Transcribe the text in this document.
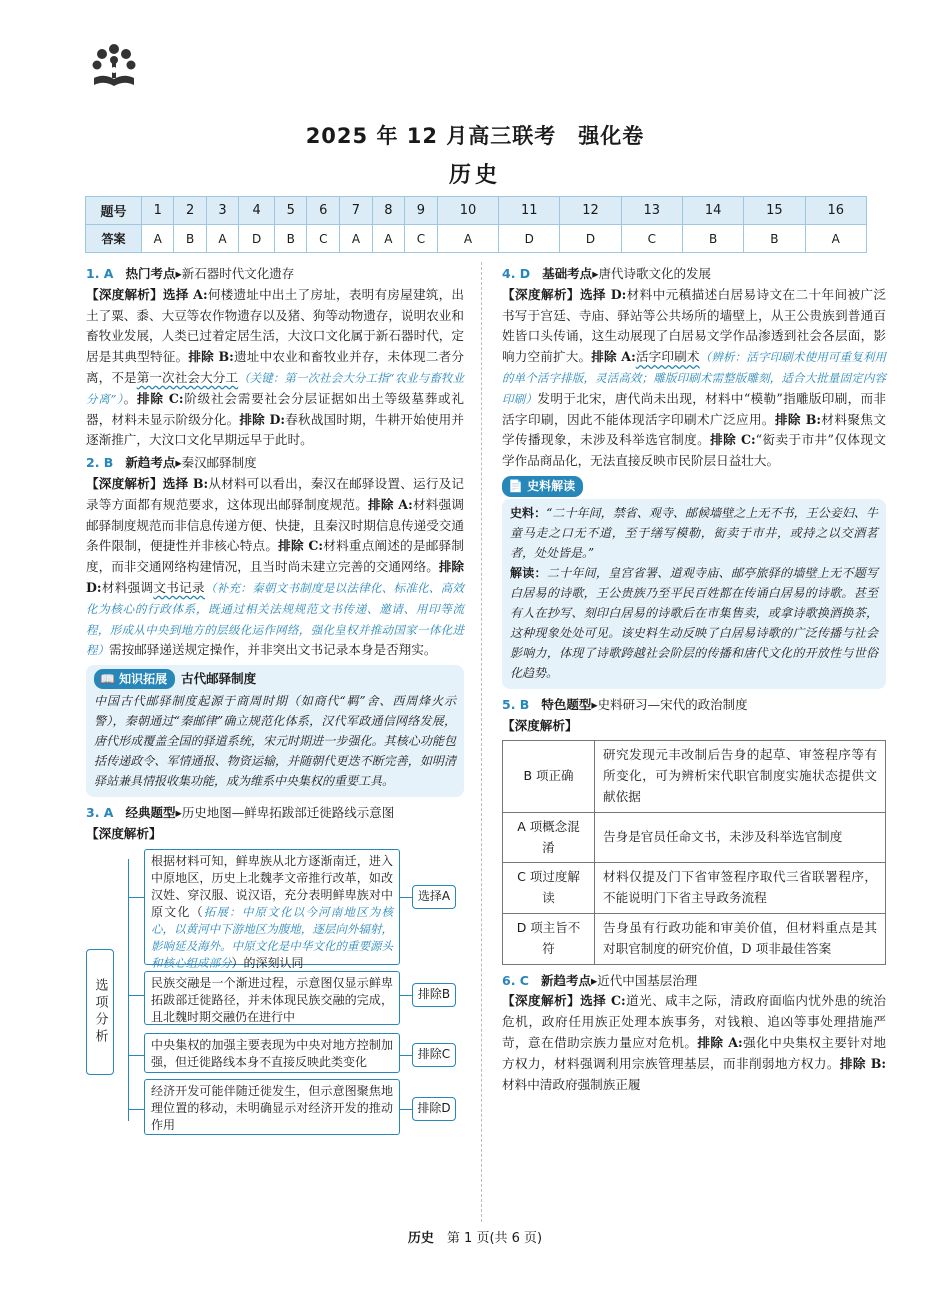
2025 年 12 月高三联考　强化卷
历史
题号	1	2	3	4	5	6	7	8	9	10	11	12	13	14	15	16
答案	A	B	A	D	B	C	A	A	C	A	D	D	C	B	B	A
1. A 热门考点▸新石器时代文化遗存
【深度解析】选择 A:何楼遗址中出土了房址，表明有房屋建筑，出土了粟、黍、大豆等农作物遗存以及猪、狗等动物遗存，说明农业和畜牧业发展，人类已过着定居生活，大汶口文化属于新石器时代，定居是其典型特征。排除 B:遗址中农业和畜牧业并存，未体现二者分离，不是第一次社会大分工（关键：第一次社会大分工指“农业与畜牧业分离”）。排除 C:阶级社会需要社会分层证据如出土等级墓葬或礼器，材料未显示阶级分化。排除 D:春秋战国时期，牛耕开始使用并逐渐推广，大汶口文化早期远早于此时。
2. B 新趋考点▸秦汉邮驿制度
【深度解析】选择 B:从材料可以看出，秦汉在邮驿设置、运行及记录等方面都有规范要求，这体现出邮驿制度规范。排除 A:材料强调邮驿制度规范而非信息传递方便、快捷，且秦汉时期信息传递受交通条件限制，便捷性并非核心特点。排除 C:材料重点阐述的是邮驿制度，而非交通网络构建情况，且当时尚未建立完善的交通网络。排除 D:材料强调文书记录（补充：秦朝文书制度是以法律化、标准化、高效化为核心的行政体系，既通过相关法规规范文书传递、邀请、用印等流程，形成从中央到地方的层级化运作网络，强化皇权并推动国家一体化进程）需按邮驿递送规定操作，并非突出文书记录本身是否翔实。
📖 知识拓展 古代邮驿制度
中国古代邮驿制度起源于商周时期（如商代“羁”舍、西周烽火示警），秦朝通过“秦邮律”确立规范化体系，汉代军政通信网络发展，唐代形成覆盖全国的驿道系统，宋元时期进一步强化。其核心功能包括传递政令、军情通报、物资运输，并随朝代更迭不断完善，如明清驿站兼具情报收集功能，成为维系中央集权的重要工具。
3. A 经典题型▸历史地图—鲜卑拓跋部迁徙路线示意图
【深度解析】
选项分析
根据材料可知，鲜卑族从北方逐渐南迁，进入中原地区，历史上北魏孝文帝推行改革，如改汉姓、穿汉服、说汉语，充分表明鲜卑族对中原文化（拓展：中原文化以今河南地区为核心，以黄河中下游地区为腹地，逐层向外辐射，影响延及海外。中原文化是中华文化的重要源头和核心组成部分）的深刻认同
选择A
民族交融是一个渐进过程，示意图仅显示鲜卑拓跋部迁徙路径，并未体现民族交融的完成，且北魏时期交融仍在进行中
排除B
中央集权的加强主要表现为中央对地方控制加强，但迁徙路线本身不直接反映此类变化
排除C
经济开发可能伴随迁徙发生，但示意图聚焦地理位置的移动，未明确显示对经济开发的推动作用
排除D
4. D 基础考点▸唐代诗歌文化的发展
【深度解析】选择 D:材料中元稹描述白居易诗文在二十年间被广泛书写于宫廷、寺庙、驿站等公共场所的墙壁上，从王公贵族到普通百姓皆口头传诵，这生动展现了白居易文学作品渗透到社会各层面，影响力空前扩大。排除 A:活字印刷术（辨析：活字印刷术使用可重复利用的单个活字排版，灵活高效；雕版印刷术需整版雕刻，适合大批量固定内容印刷）发明于北宋，唐代尚未出现，材料中“模勒”指雕版印刷，而非活字印刷，因此不能体现活字印刷术广泛应用。排除 B:材料聚焦文学传播现象，未涉及科举选官制度。排除 C:“衒卖于市井”仅体现文学作品商品化，无法直接反映市民阶层日益壮大。
📄 史料解读
史料：“二十年间，禁省、观寺、邮候墙壁之上无不书，王公妾妇、牛童马走之口无不道，至于缮写模勒，衒卖于市井，或持之以交酒茗者，处处皆是。”
解读：二十年间，皇宫省署、道观寺庙、邮亭旅驿的墙壁上无不题写白居易的诗歌，王公贵族乃至平民百姓都在传诵白居易的诗歌。甚至有人在抄写、刻印白居易的诗歌后在市集售卖，或拿诗歌换酒换茶，这种现象处处可见。该史料生动反映了白居易诗歌的广泛传播与社会影响力，体现了诗歌跨越社会阶层的传播和唐代文化的开放性与世俗化趋势。
5. B 特色题型▸史料研习—宋代的政治制度
【深度解析】
B 项正确	研究发现元丰改制后告身的起草、审签程序等有所变化，可为辨析宋代职官制度实施状态提供文献依据
A 项概念混淆	告身是官员任命文书，未涉及科举选官制度
C 项过度解读	材料仅提及门下省审签程序取代三省联署程序，不能说明门下省主导政务流程
D 项主旨不符	告身虽有行政功能和审美价值，但材料重点是其对职官制度的研究价值，D 项非最佳答案
6. C 新趋考点▸近代中国基层治理
【深度解析】选择 C:道光、咸丰之际，清政府面临内忧外患的统治危机，政府任用族正处理本族事务，对钱粮、追凶等事处理措施严苛，意在借助宗族力量应对危机。排除 A:强化中央集权主要针对地方权力，材料强调利用宗族管理基层，而非削弱地方权力。排除 B:材料中清政府强制族正履
历史　 第 1 页(共 6 页)
